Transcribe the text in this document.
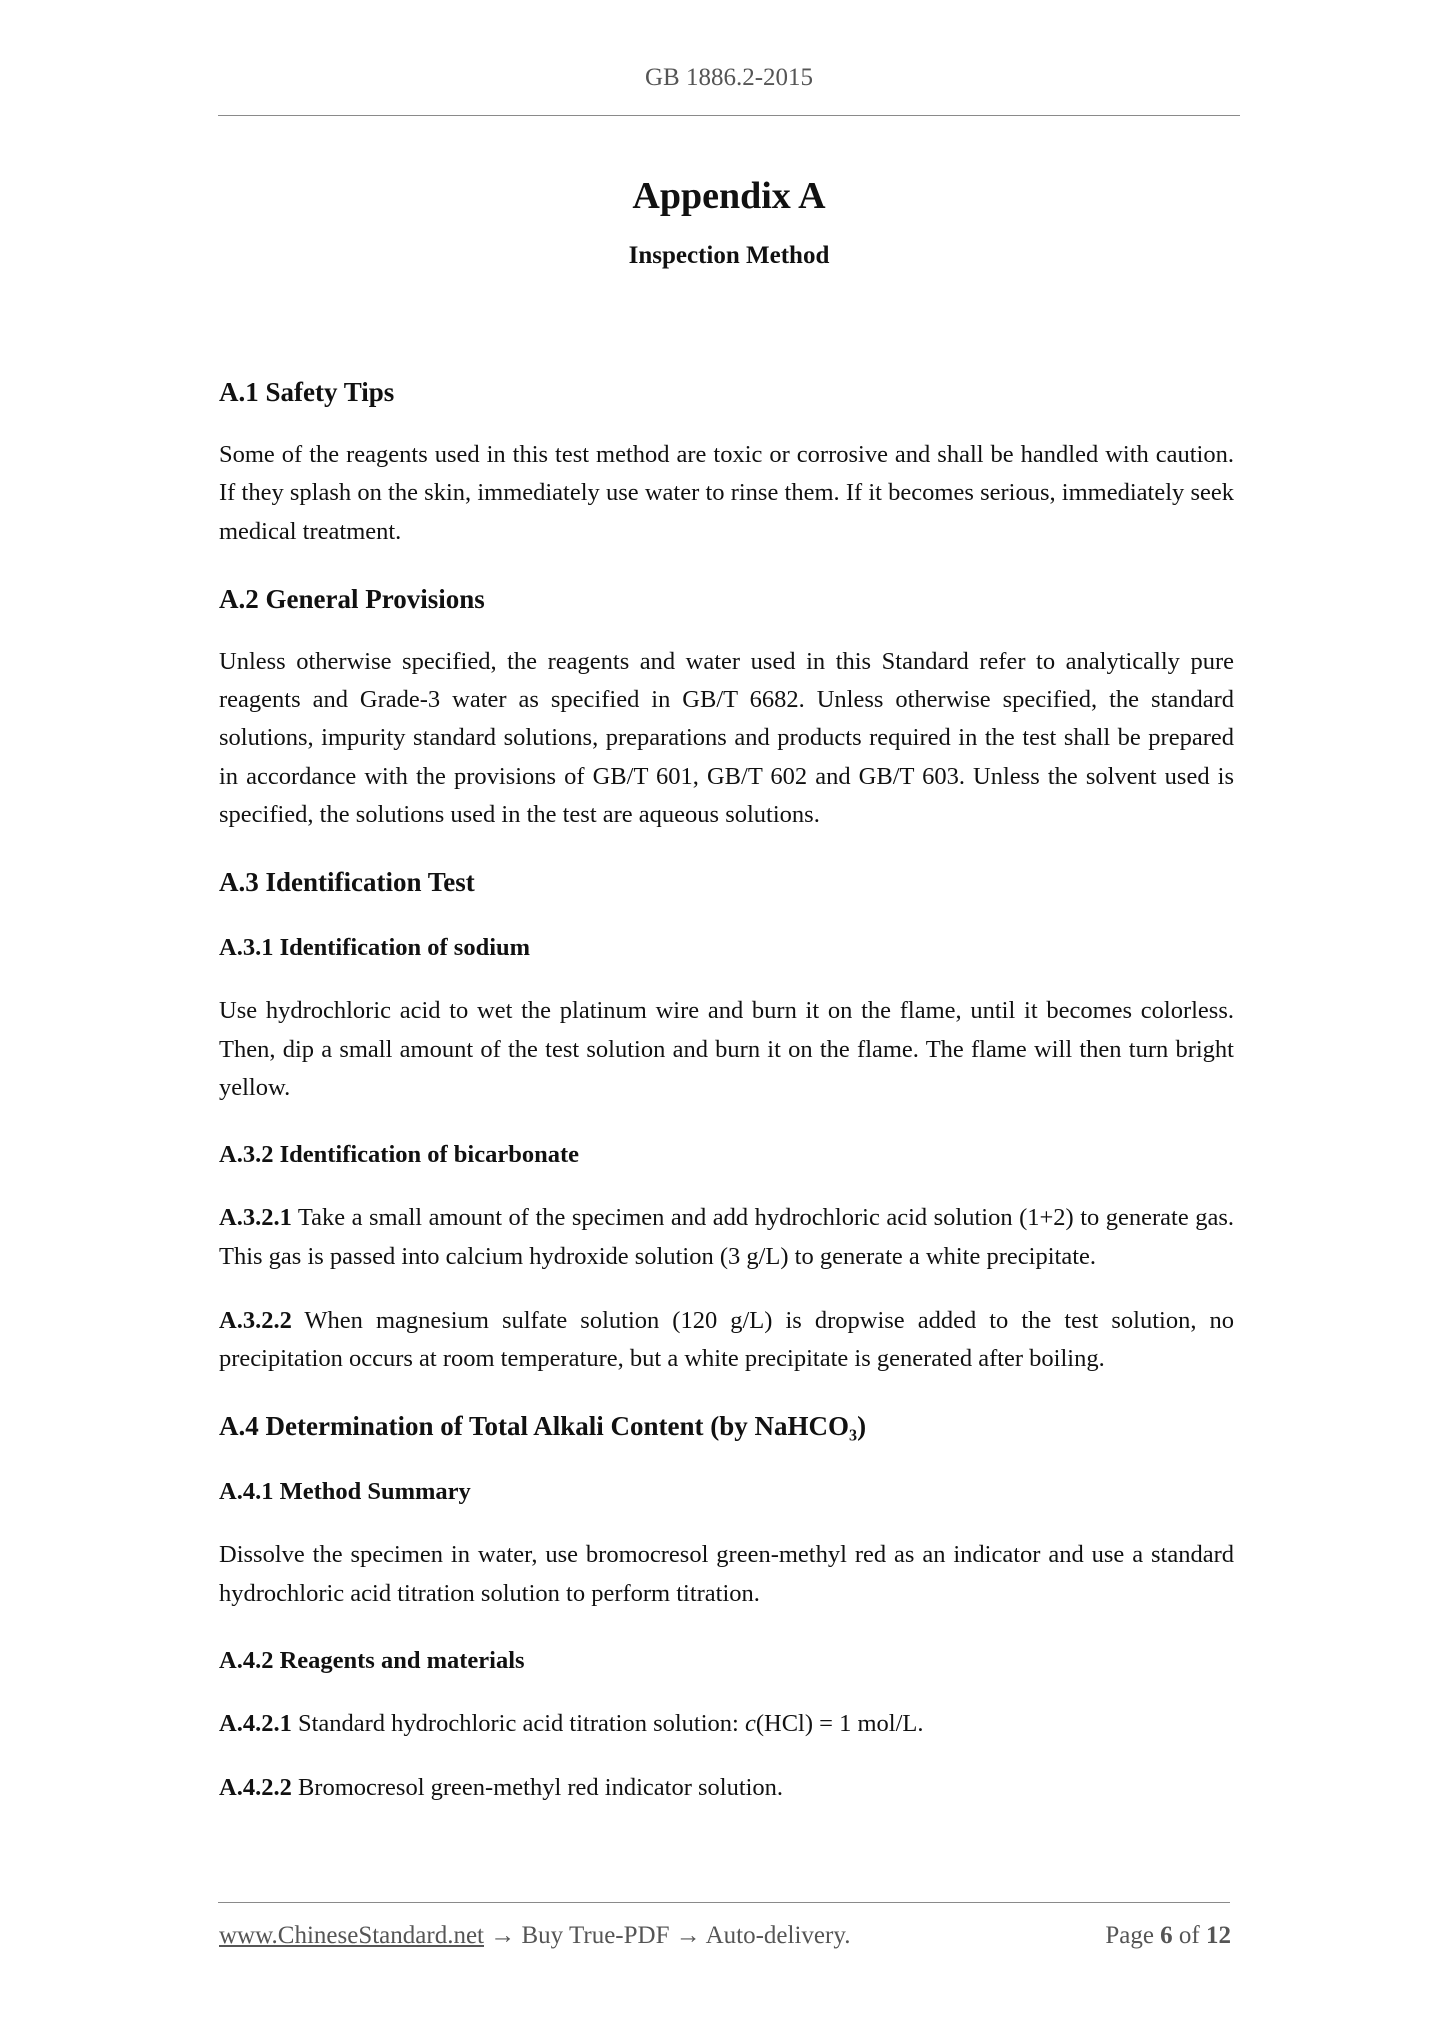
GB 1886.2-2015
Appendix A
Inspection Method
A.1 Safety Tips

Some of the reagents used in this test method are toxic or corrosive and shall be handled with caution. If they splash on the skin, immediately use water to rinse them. If it becomes serious, immediately seek medical treatment.

A.2 General Provisions

Unless otherwise specified, the reagents and water used in this Standard refer to analytically pure reagents and Grade-3 water as specified in GB/T 6682. Unless otherwise specified, the standard solutions, impurity standard solutions, preparations and products required in the test shall be prepared in accordance with the provisions of GB/T 601, GB/T 602 and GB/T 603. Unless the solvent used is specified, the solutions used in the test are aqueous solutions.

A.3 Identification Test
A.3.1 Identification of sodium

Use hydrochloric acid to wet the platinum wire and burn it on the flame, until it becomes colorless. Then, dip a small amount of the test solution and burn it on the flame. The flame will then turn bright yellow.

A.3.2 Identification of bicarbonate

A.3.2.1 Take a small amount of the specimen and add hydrochloric acid solution (1+2) to generate gas. This gas is passed into calcium hydroxide solution (3 g/L) to generate a white precipitate.

A.3.2.2 When magnesium sulfate solution (120 g/L) is dropwise added to the test solution, no precipitation occurs at room temperature, but a white precipitate is generated after boiling.

A.4 Determination of Total Alkali Content (by NaHCO₃)
A.4.1 Method Summary

Dissolve the specimen in water, use bromocresol green-methyl red as an indicator and use a standard hydrochloric acid titration solution to perform titration.

A.4.2 Reagents and materials

A.4.2.1 Standard hydrochloric acid titration solution: c(HCl) = 1 mol/L.

A.4.2.2 Bromocresol green-methyl red indicator solution.

www.ChineseStandard.net → Buy True-PDF → Auto-delivery.	Page 6 of 12
